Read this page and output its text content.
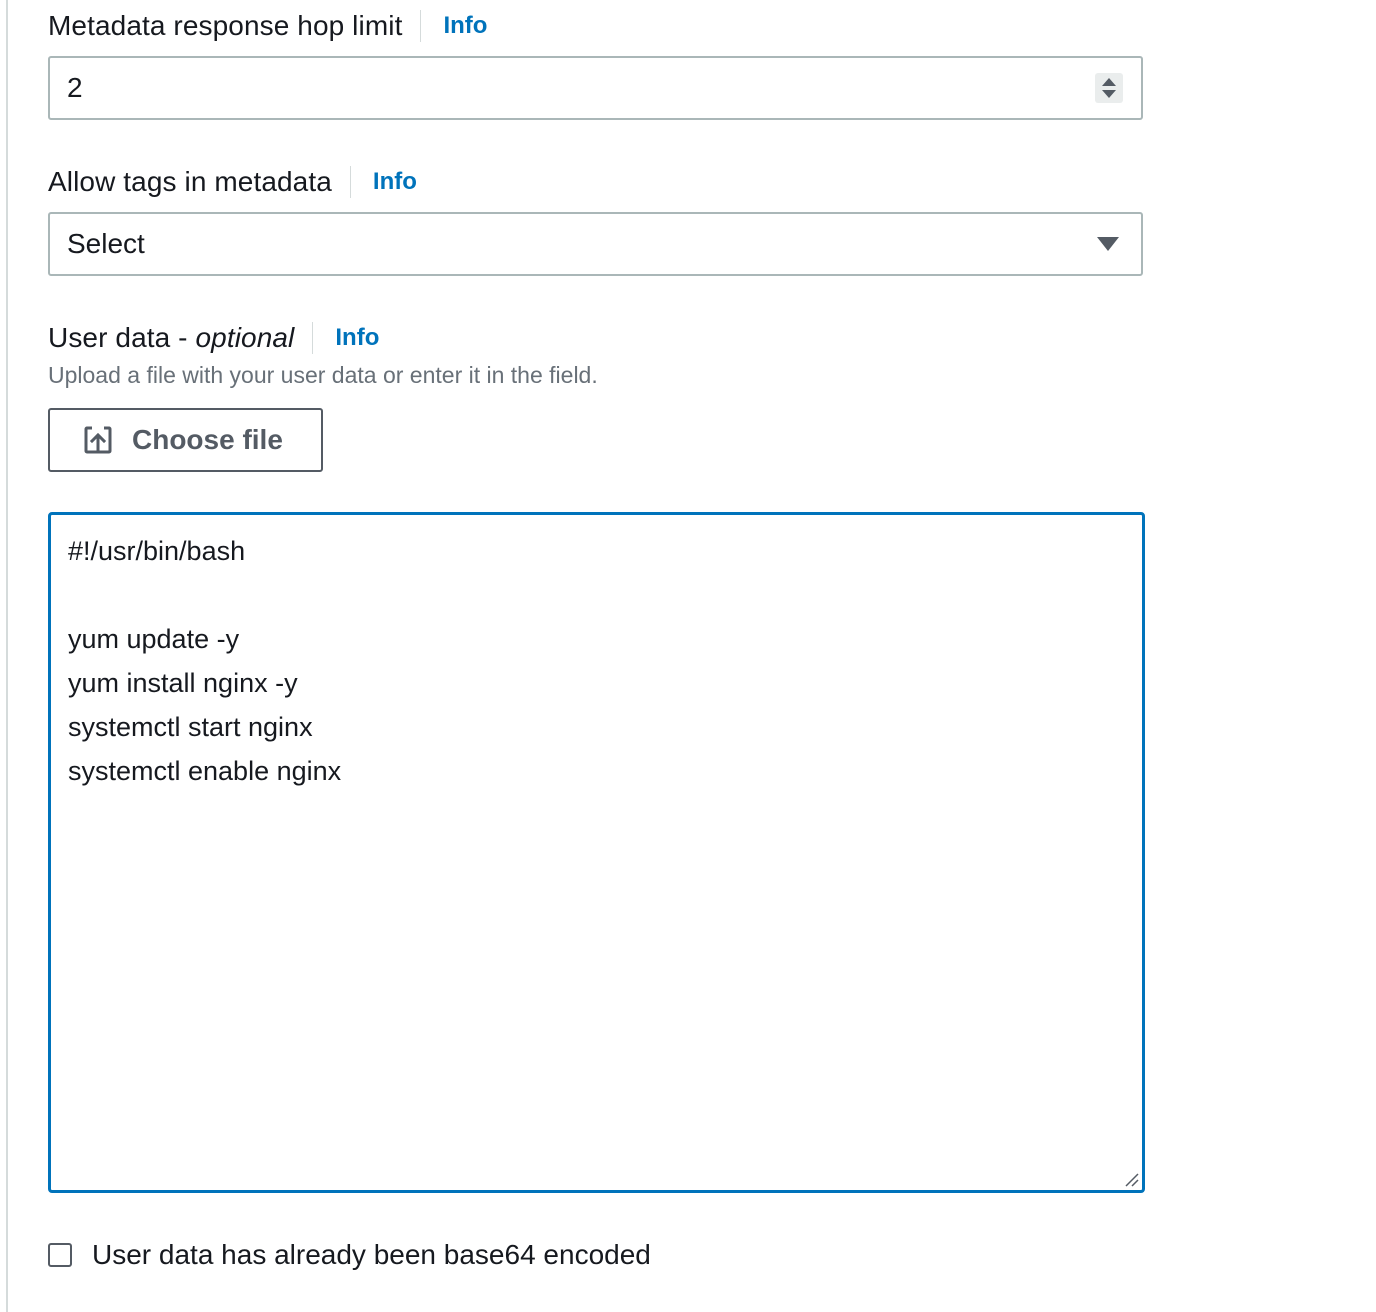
Metadata response hop limit Info
2
Allow tags in metadata Info
Select
User data - optional Info
Upload a file with your user data or enter it in the field.
Choose file
#!/usr/bin/bash
yum update -y
yum install nginx -y
systemctl start nginx
systemctl enable nginx
User data has already been base64 encoded
